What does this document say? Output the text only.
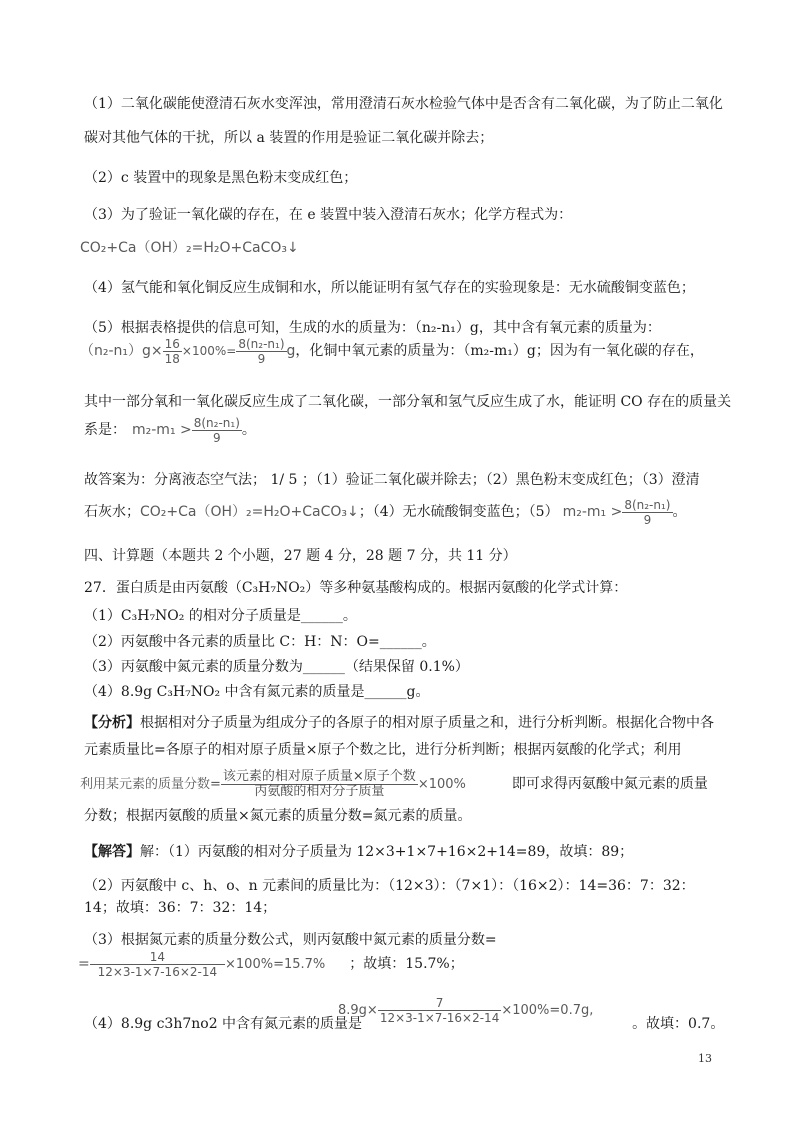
（1）二氧化碳能使澄清石灰水变浑浊，常用澄清石灰水检验气体中是否含有二氧化碳，为了防止二氧化
碳对其他气体的干扰，所以 a 装置的作用是验证二氧化碳并除去；
（2）c 装置中的现象是黑色粉末变成红色；
（3）为了验证一氧化碳的存在，在 e 装置中装入澄清石灰水；化学方程式为：
CO₂+Ca（OH）₂=H₂O+CaCO₃↓
（4）氢气能和氧化铜反应生成铜和水，所以能证明有氢气存在的实验现象是：无水硫酸铜变蓝色；
（5）根据表格提供的信息可知，生成的水的质量为：（n₂-n₁）g，其中含有氧元素的质量为：
$(n_2-n_1)g\times \frac{16}{18} \times 100\%= \frac{\text{8(n₂-n₁)}}{9}$ g，化铜中氧元素的质量为：（m₂-m₁）g；因为有一氧化碳的存在，
其中一部分氧和一氧化碳反应生成了二氧化碳，一部分氧和氢气反应生成了水，能证明 CO 存在的质量关
系是： $m_2-m_1 > \frac{\text{8(n₂-n₁)}}{9}$ 。
故答案为：分离液态空气法； 1/ 5 ；（1）验证二氧化碳并除去；（2）黑色粉末变成红色；（3）澄清
石灰水；CO₂+Ca（OH）₂=H₂O+CaCO₃↓；（4）无水硫酸铜变蓝色；（5） $m_2-m_1 > \frac{\text{8(n₂-n₁)}}{9}$ 。
四、计算题（本题共 2 个小题，27 题 4 分，28 题 7 分，共 11 分）
27．蛋白质是由丙氨酸（C₃H₇NO₂）等多种氨基酸构成的。根据丙氨酸的化学式计算：
（1）C₃H₇NO₂ 的相对分子质量是______。
（2）丙氨酸中各元素的质量比 C：H：N：O=______。
（3）丙氨酸中氮元素的质量分数为______（结果保留 0.1%）
（4）8.9g C₃H₇NO₂ 中含有氮元素的质量是______g。
【分析】根据相对分子质量为组成分子的各原子的相对原子质量之和，进行分析判断。根据化合物中各
元素质量比=各原子的相对原子质量×原子个数之比，进行分析判断；根据丙氨酸的化学式；利用
利用某元素的质量分数= $\frac{\text{该元素的相对原子质量×原子个数}}{\text{丙氨酸的相对分子质量}} \times 100\%$	即可求得丙氨酸中氮元素的质量
分数；根据丙氨酸的质量×氮元素的质量分数=氮元素的质量。
【解答】解：（1）丙氨酸的相对分子质量为 12×3+1×7+16×2+14=89，故填：89；
（2）丙氨酸中 c、h、o、n 元素间的质量比为：（12×3）：（7×1）：（16×2）：14=36：7：32：
14；故填：36：7：32：14；
（3）根据氮元素的质量分数公式，则丙氨酸中氮元素的质量分数=
= $\frac{14}{12\times 3-1\times 7-16\times 2-14} \times 100\%=15.7\%$ ；故填：15.7%；
$8.9g\times \frac{7}{12\times 3-1\times 7-16\times 2-14} \times 100\%=0.7g$,
（4）8.9g c3h7no2 中含有氮元素的质量是	。故填：0.7。
13
